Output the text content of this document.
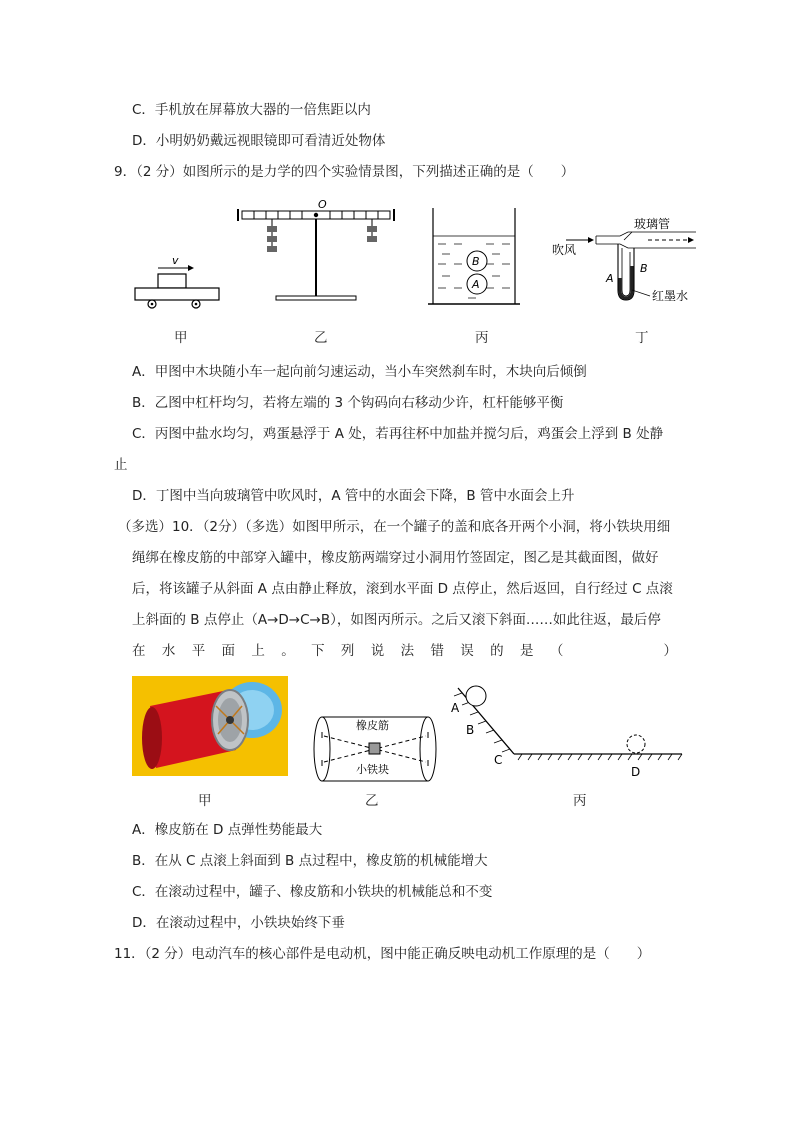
C．手机放在屏幕放大器的一倍焦距以内
D．小明奶奶戴远视眼镜即可看清近处物体
9．（2 分）如图所示的是力学的四个实验情景图，下列描述正确的是（　　）
v
O
B
A
吹风
玻璃管
A
B
红墨水
甲	乙	丙	丁
A．甲图中木块随小车一起向前匀速运动，当小车突然刹车时，木块向后倾倒
B．乙图中杠杆均匀，若将左端的 3 个钩码向右移动少许，杠杆能够平衡
C．丙图中盐水均匀，鸡蛋悬浮于 A 处，若再往杯中加盐并搅匀后，鸡蛋会上浮到 B 处静
止
D．丁图中当向玻璃管中吹风时，A 管中的水面会下降，B 管中水面会上升
（多选）10．（2分）（多选）如图甲所示，在一个罐子的盖和底各开两个小洞，将小铁块用细
绳绑在橡皮筋的中部穿入罐中，橡皮筋两端穿过小洞用竹签固定，图乙是其截面图，做好
后，将该罐子从斜面 A 点由静止释放，滚到水平面 D 点停止，然后返回，自行经过 C 点滚
上斜面的 B 点停止（A→D→C→B），如图丙所示。之后又滚下斜面……如此往返，最后停
在 水 平 面 上 。 下 列 说 法 错 误 的 是 （
　　　　　	）
橡皮筋
小铁块
A
B
C
D
甲	乙	丙
A．橡皮筋在 D 点弹性势能最大
B．在从 C 点滚上斜面到 B 点过程中，橡皮筋的机械能增大
C．在滚动过程中，罐子、橡皮筋和小铁块的机械能总和不变
D．在滚动过程中，小铁块始终下垂
11．（2 分）电动汽车的核心部件是电动机，图中能正确反映电动机工作原理的是（　　）
